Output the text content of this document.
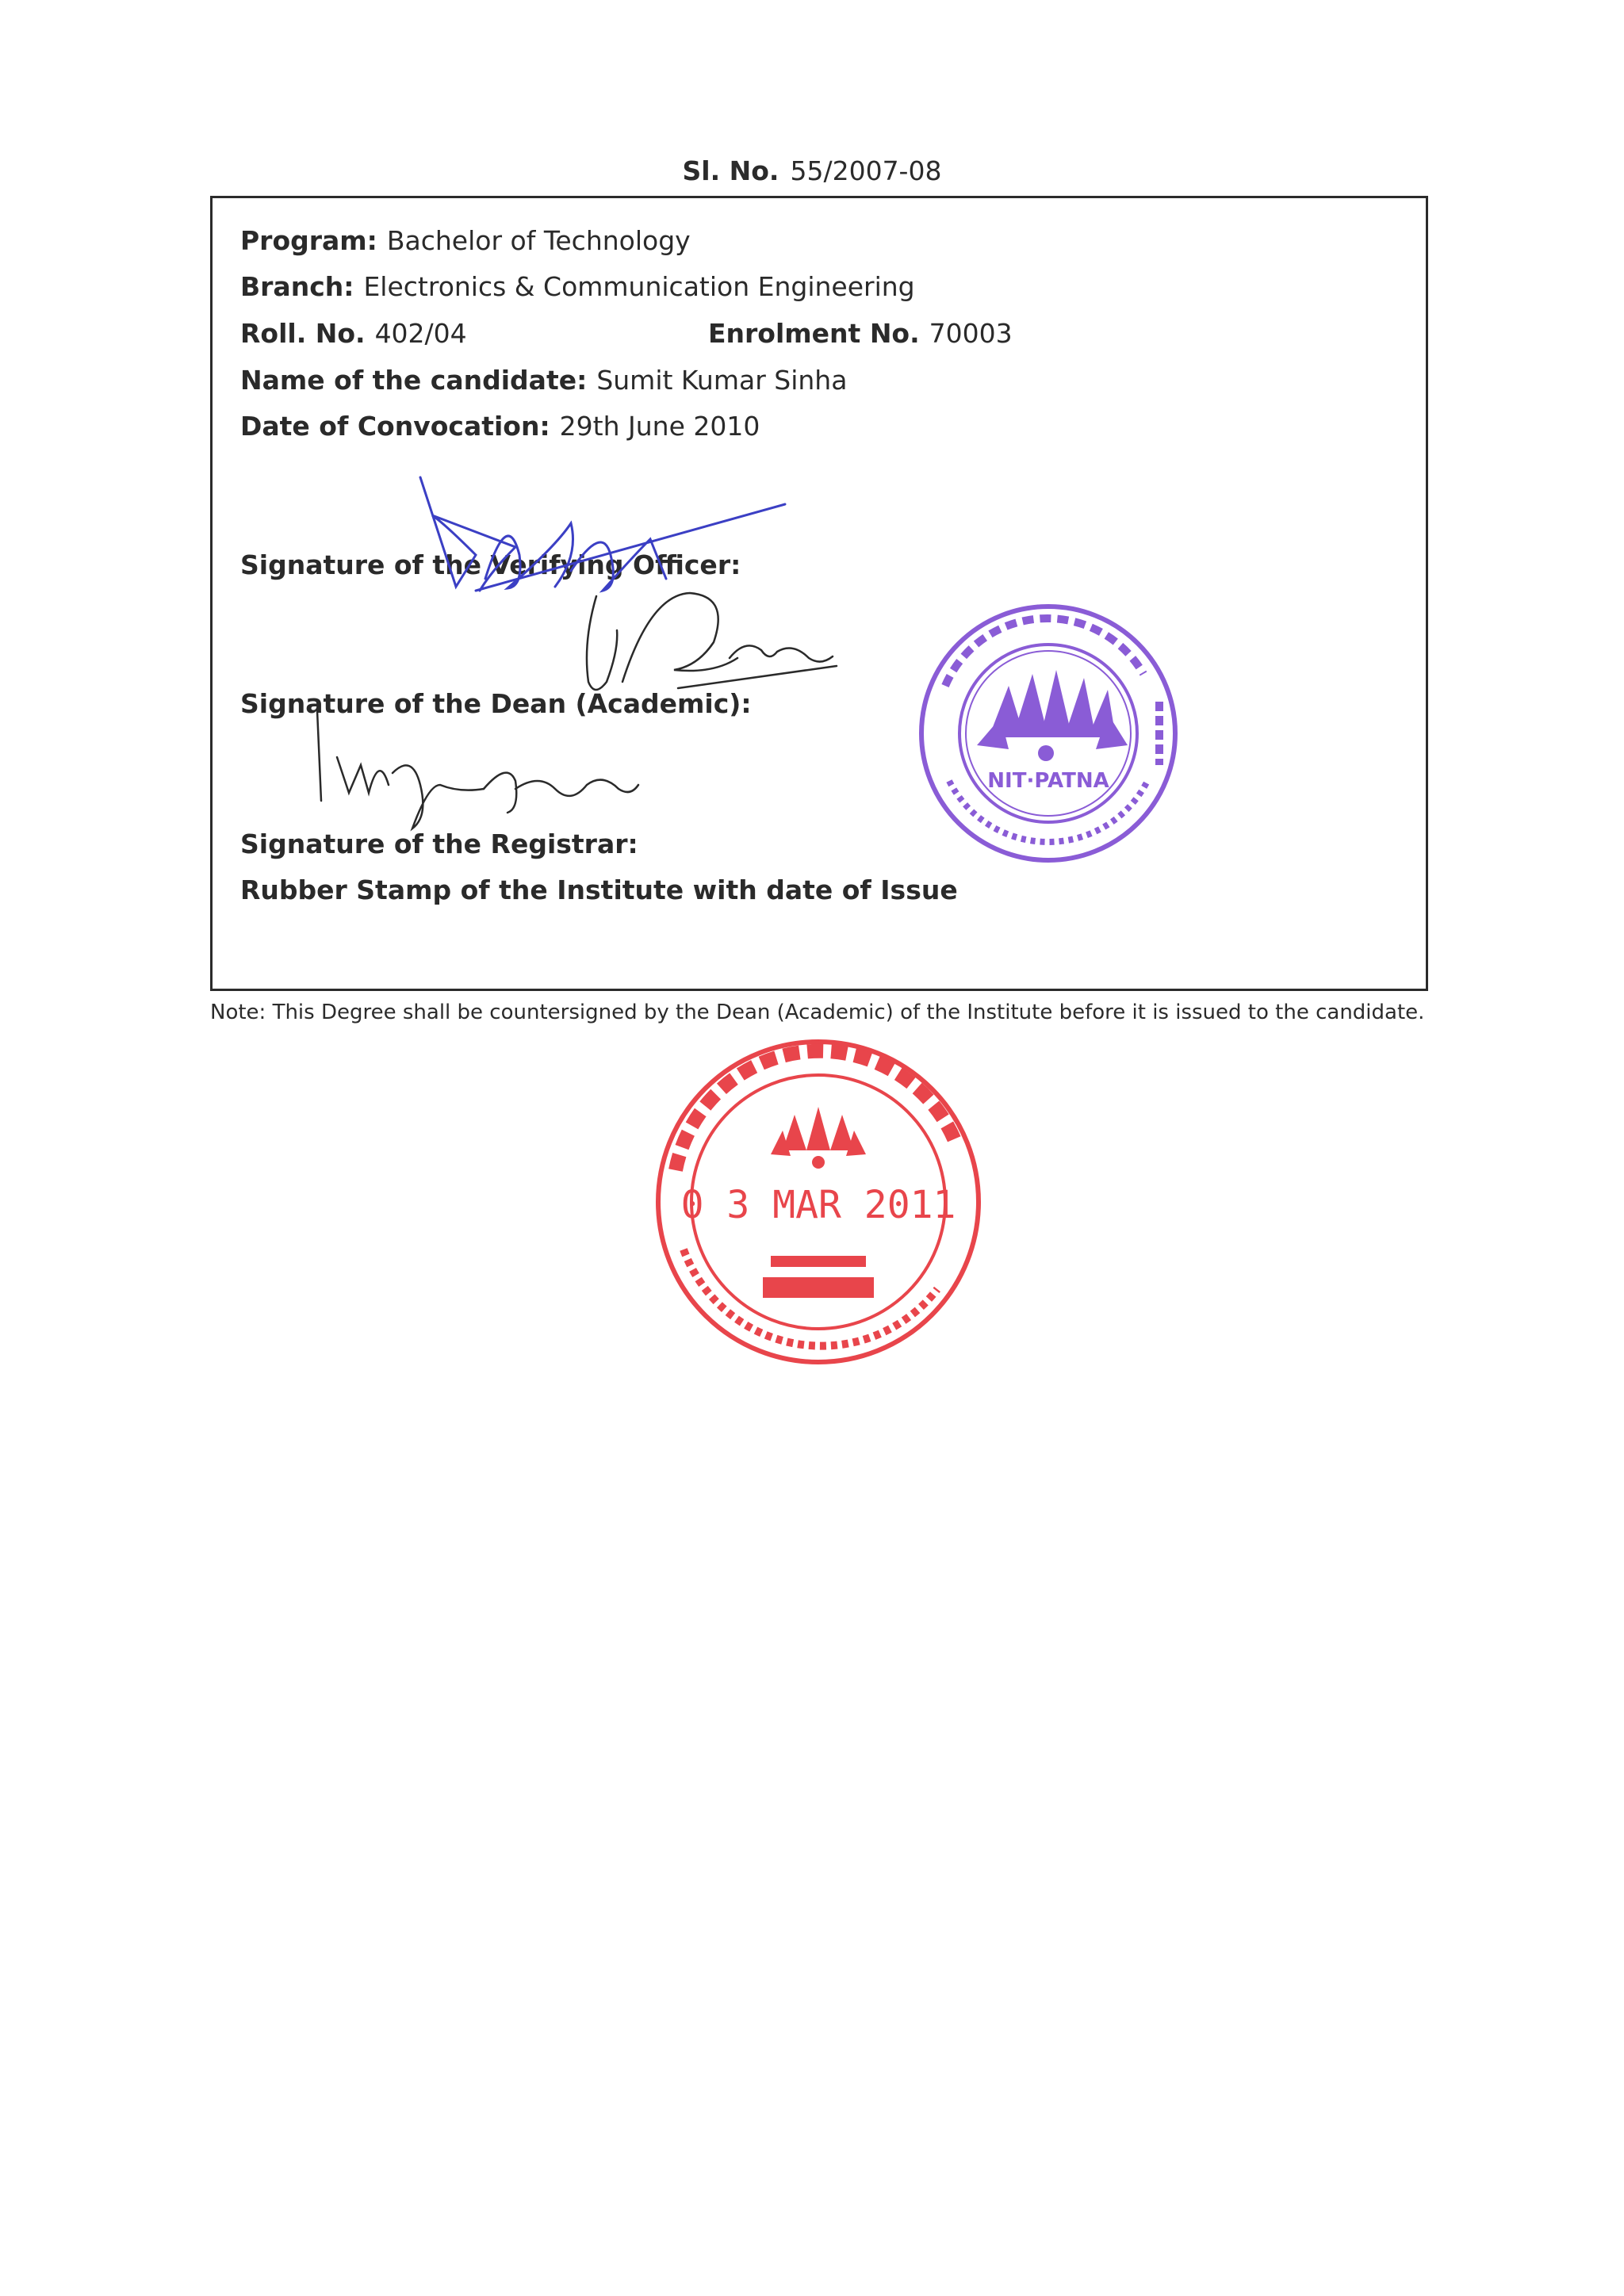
Sl. No. 55/2007-08
Program: Bachelor of Technology
Branch: Electronics & Communication Engineering
Roll. No. 402/04	Enrolment No. 70003
Name of the candidate: Sumit Kumar Sinha
Date of Convocation: 29th June 2010
Signature of the Verifying Officer:
Signature of the Dean (Academic):
Signature of the Registrar:
Rubber Stamp of the Institute with date of Issue
Note: This Degree shall be countersigned by the Dean (Academic) of the Institute before it is issued to the candidate.
NIT·PATNA
0 3 MAR 2011
